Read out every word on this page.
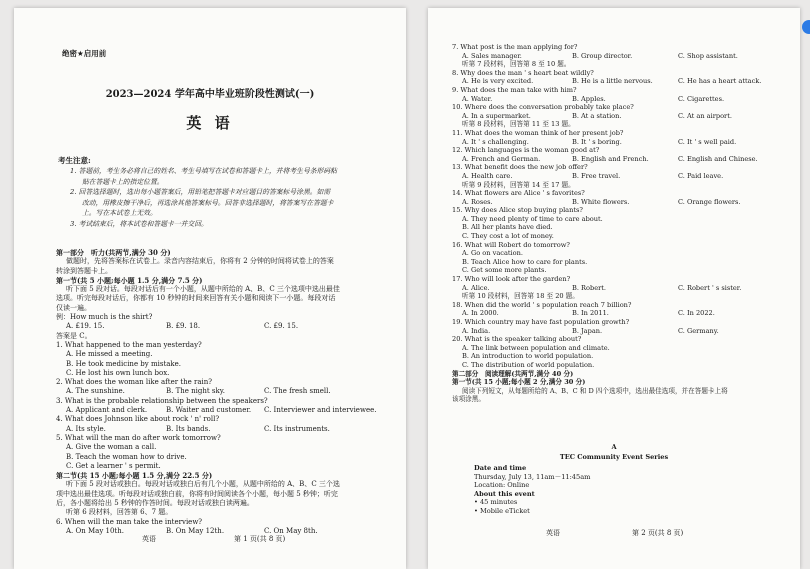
绝密★启用前
2023—2024 学年高中毕业班阶段性测试(一)
英 语
考生注意:
1. 答题前，考生务必将自己的姓名、考生号填写在试卷和答题卡上，并将考生号条形码粘
贴在答题卡上的指定位置。
2. 回答选择题时，选出每小题答案后，用铅笔把答题卡对应题目的答案标号涂黑。如需
改动，用橡皮擦干净后，再选涂其他答案标号。回答非选择题时，将答案写在答题卡
上。写在本试卷上无效。
3. 考试结束后，将本试卷和答题卡一并交回。
第一部分　听力(共两节,满分 30 分)
做题时，先将答案标在试卷上。录音内容结束后，你将有 2 分钟的时间将试卷上的答案
转涂到答题卡上。
第一节(共 5 小题;每小题 1.5 分,满分 7.5 分)
听下面 5 段对话。每段对话后有一个小题，从题中所给的 A、B、C 三个选项中选出最佳
选项。听完每段对话后，你都有 10 秒钟的时间来回答有关小题和阅读下一小题。每段对话
仅读一遍。
例：How much is the shirt?
A. £19. 15.	B. £9. 18.	C. £9. 15.
答案是 C。
1. What happened to the man yesterday?
A. He missed a meeting.
B. He took medicine by mistake.
C. He lost his own lunch box.
2. What does the woman like after the rain?
A. The sunshine.	B. The night sky.	C. The fresh smell.
3. What is the probable relationship between the speakers?
A. Applicant and clerk.	B. Waiter and customer.	C. Interviewer and interviewee.
4. What does Johnson like about rock ' n' roll?
A. Its style.	B. Its bands.	C. Its instruments.
5. What will the man do after work tomorrow?
A. Give the woman a call.
B. Teach the woman how to drive.
C. Get a learner ' s permit.
第二节(共 15 小题;每小题 1.5 分,满分 22.5 分)
听下面 5 段对话或独白。每段对话或独白后有几个小题，从题中所给的 A、B、C 三个选
项中选出最佳选项。听每段对话或独白前，你将有时间阅读各个小题，每小题 5 秒钟；听完
后，各小题将给出 5 秒钟的作答时间。每段对话或独白读两遍。
听第 6 段材料，回答第 6、7 题。
6. When will the man take the interview?
A. On May 10th.	B. On May 12th.	C. On May 8th.
英语	第 1 页(共 8 页)
7. What post is the man applying for?
A. Sales manager.	B. Group director.	C. Shop assistant.
听第 7 段材料，回答第 8 至 10 题。
8. Why does the man ' s heart beat wildly?
A. He is very excited.	B. He is a little nervous.	C. He has a heart attack.
9. What does the man take with him?
A. Water.	B. Apples.	C. Cigarettes.
10. Where does the conversation probably take place?
A. In a supermarket.	B. At a station.	C. At an airport.
听第 8 段材料，回答第 11 至 13 题。
11. What does the woman think of her present job?
A. It ' s challenging.	B. It ' s boring.	C. It ' s well paid.
12. Which languages is the woman good at?
A. French and German.	B. English and French.	C. English and Chinese.
13. What benefit does the new job offer?
A. Health care.	B. Free travel.	C. Paid leave.
听第 9 段材料，回答第 14 至 17 题。
14. What flowers are Alice ' s favorites?
A. Roses.	B. White flowers.	C. Orange flowers.
15. Why does Alice stop buying plants?
A. They need plenty of time to care about.
B. All her plants have died.
C. They cost a lot of money.
16. What will Robert do tomorrow?
A. Go on vacation.
B. Teach Alice how to care for plants.
C. Get some more plants.
17. Who will look after the garden?
A. Alice.	B. Robert.	C. Robert ' s sister.
听第 10 段材料，回答第 18 至 20 题。
18. When did the world ' s population reach 7 billion?
A. In 2000.	B. In 2011.	C. In 2022.
19. Which country may have fast population growth?
A. India.	B. Japan.	C. Germany.
20. What is the speaker talking about?
A. The link between population and climate.
B. An introduction to world population.
C. The distribution of world population.
第二部分　阅读理解(共两节,满分 40 分)
第一节(共 15 小题;每小题 2 分,满分 30 分)
阅读下列短文，从每题所给的 A、B、C 和 D 四个选项中，选出最佳选项，并在答题卡上将
该项涂黑。
A
TEC Community Event Series
Date and time
Thursday, July 13, 11am－11:45am
Location: Online
About this event
• 45 minutes
• Mobile eTicket
英语	第 2 页(共 8 页)
